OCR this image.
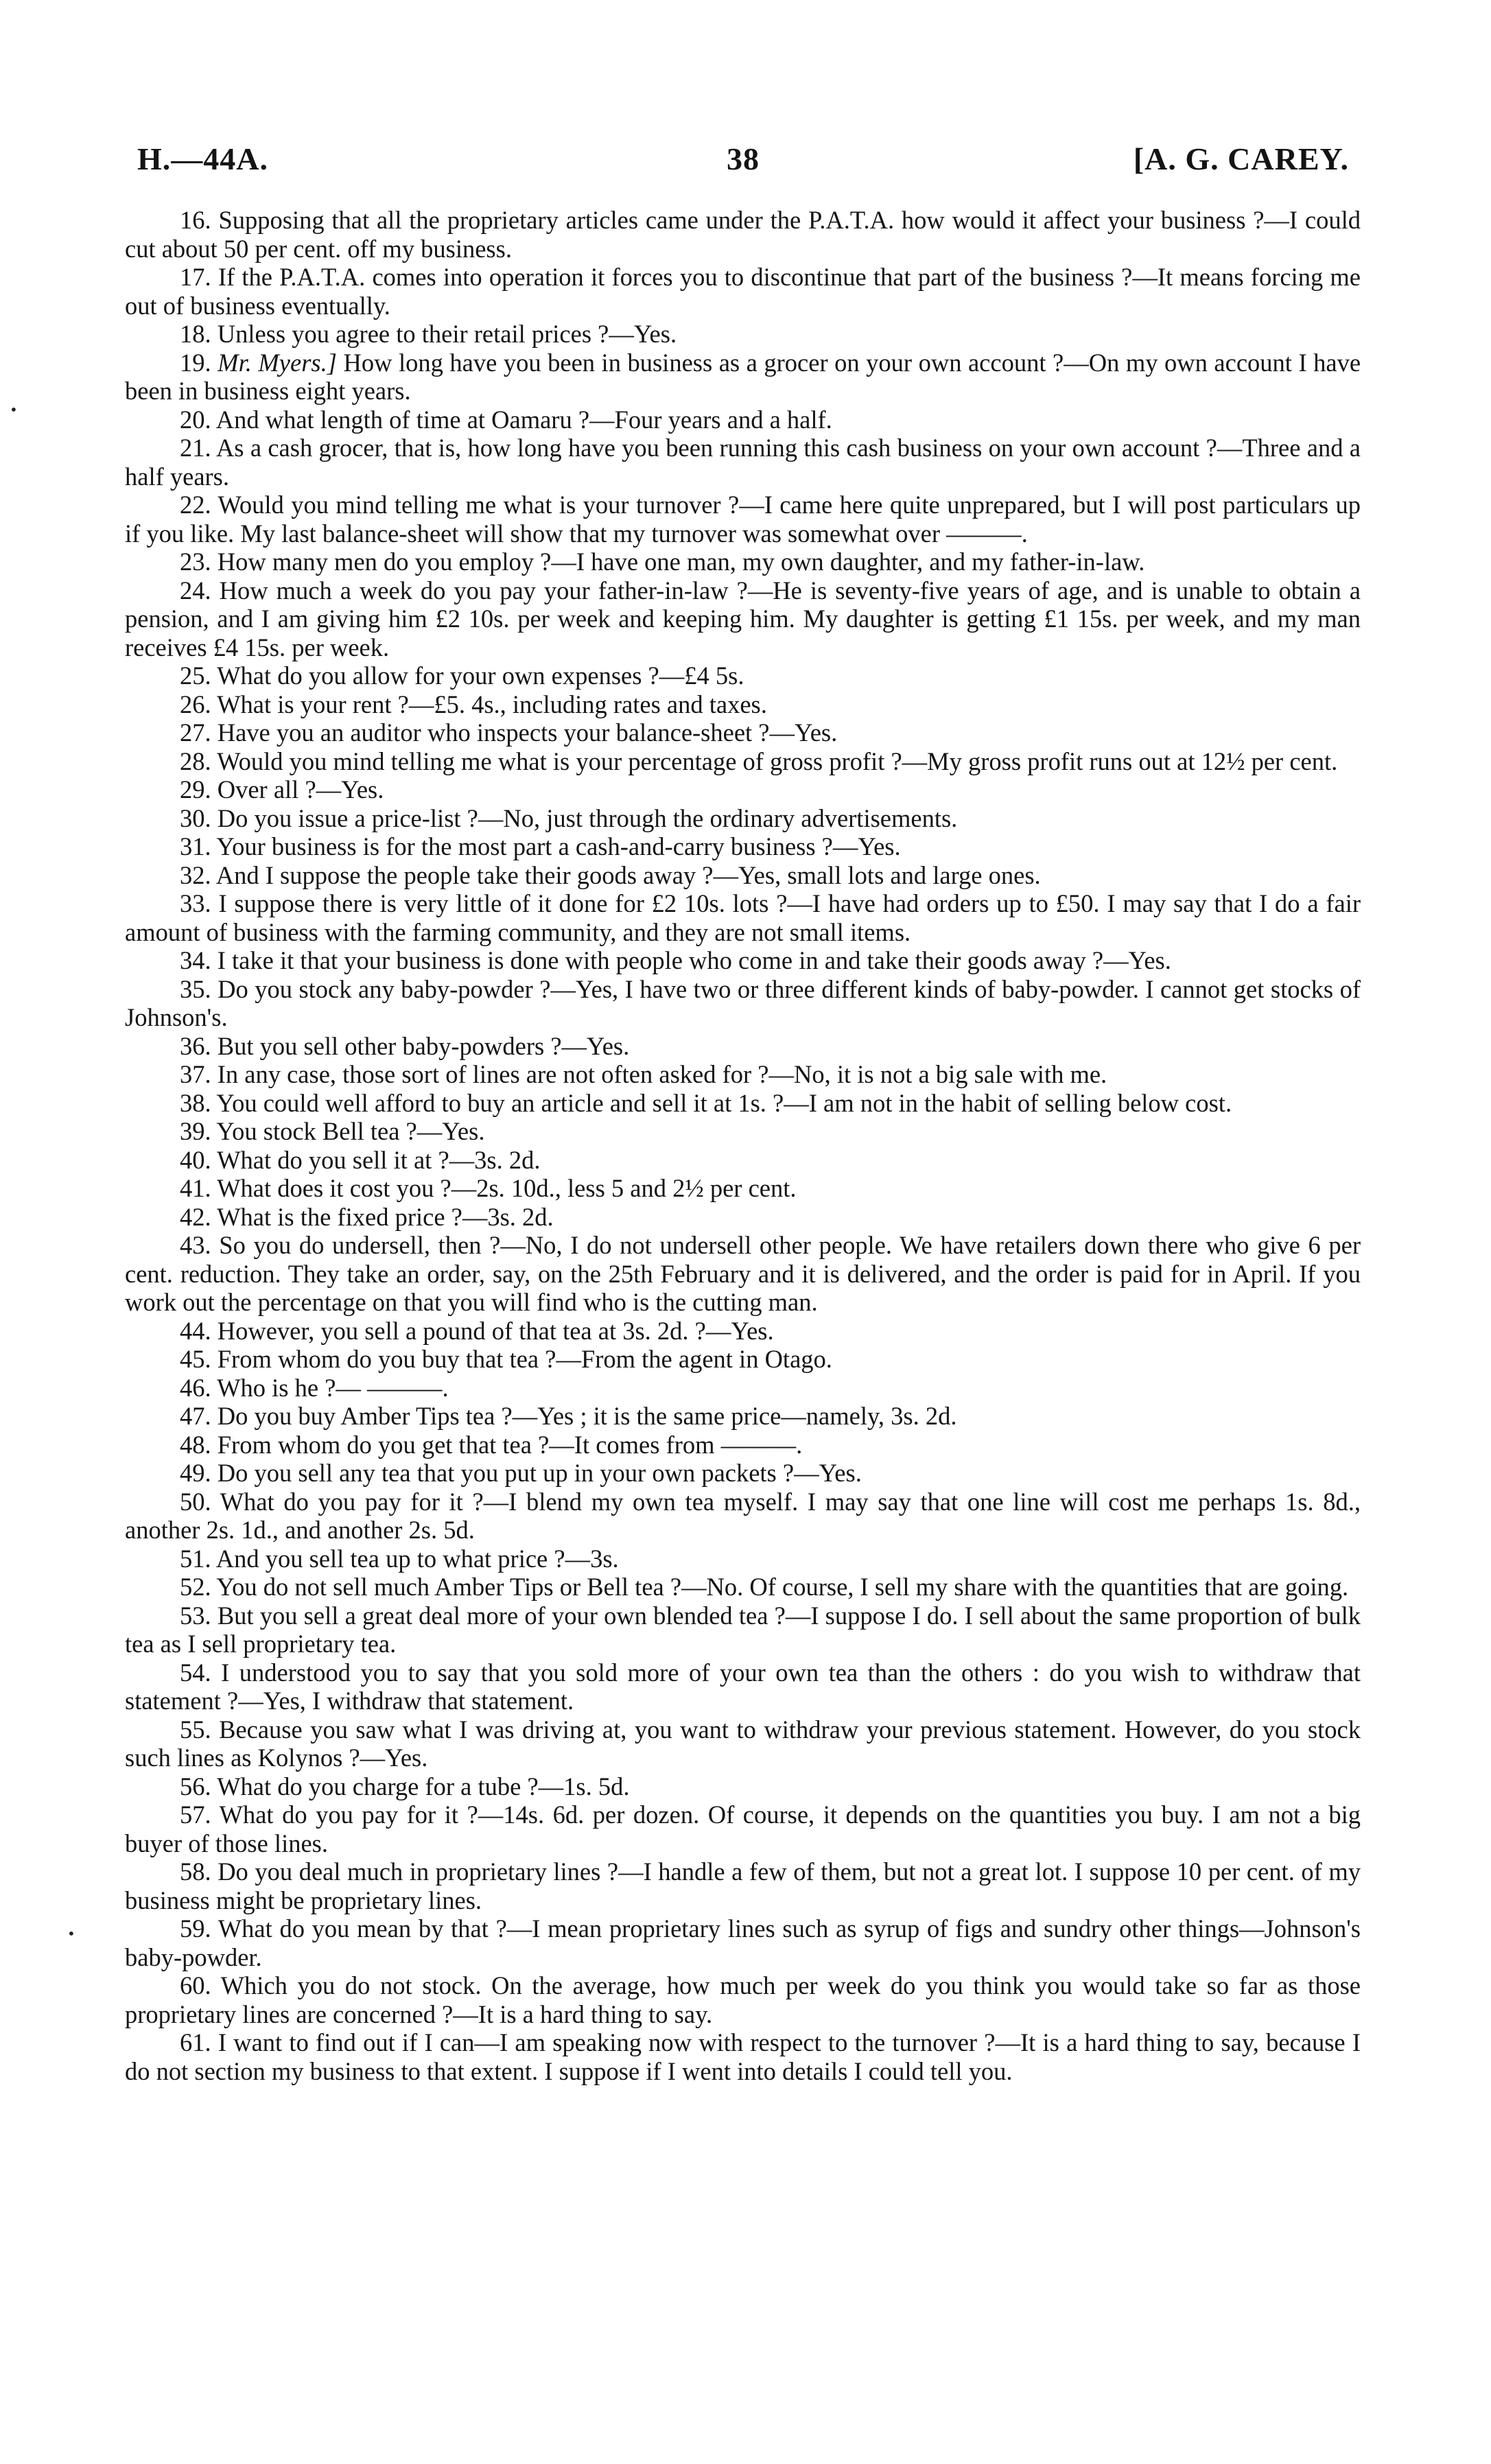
H.—44A.	38	[A. G. CAREY.

16. Supposing that all the proprietary articles came under the P.A.T.A. how would it affect your business ?—I could cut about 50 per cent. off my business.

17. If the P.A.T.A. comes into operation it forces you to discontinue that part of the business ?—It means forcing me out of business eventually.

18. Unless you agree to their retail prices ?—Yes.

19. Mr. Myers.] How long have you been in business as a grocer on your own account ?—On my own account I have been in business eight years.

20. And what length of time at Oamaru ?—Four years and a half.

21. As a cash grocer, that is, how long have you been running this cash business on your own account ?—Three and a half years.

22. Would you mind telling me what is your turnover ?—I came here quite unprepared, but I will post particulars up if you like. My last balance-sheet will show that my turnover was somewhat over ———.

23. How many men do you employ ?—I have one man, my own daughter, and my father-in-law.

24. How much a week do you pay your father-in-law ?—He is seventy-five years of age, and is unable to obtain a pension, and I am giving him £2 10s. per week and keeping him. My daughter is getting £1 15s. per week, and my man receives £4 15s. per week.

25. What do you allow for your own expenses ?—£4 5s.

26. What is your rent ?—£5. 4s., including rates and taxes.

27. Have you an auditor who inspects your balance-sheet ?—Yes.

28. Would you mind telling me what is your percentage of gross profit ?—My gross profit runs out at 12½ per cent.

29. Over all ?—Yes.

30. Do you issue a price-list ?—No, just through the ordinary advertisements.

31. Your business is for the most part a cash-and-carry business ?—Yes.

32. And I suppose the people take their goods away ?—Yes, small lots and large ones.

33. I suppose there is very little of it done for £2 10s. lots ?—I have had orders up to £50. I may say that I do a fair amount of business with the farming community, and they are not small items.

34. I take it that your business is done with people who come in and take their goods away ?—Yes.

35. Do you stock any baby-powder ?—Yes, I have two or three different kinds of baby-powder. I cannot get stocks of Johnson's.

36. But you sell other baby-powders ?—Yes.

37. In any case, those sort of lines are not often asked for ?—No, it is not a big sale with me.

38. You could well afford to buy an article and sell it at 1s. ?—I am not in the habit of selling below cost.

39. You stock Bell tea ?—Yes.

40. What do you sell it at ?—3s. 2d.

41. What does it cost you ?—2s. 10d., less 5 and 2½ per cent.

42. What is the fixed price ?—3s. 2d.

43. So you do undersell, then ?—No, I do not undersell other people. We have retailers down there who give 6 per cent. reduction. They take an order, say, on the 25th February and it is delivered, and the order is paid for in April. If you work out the percentage on that you will find who is the cutting man.

44. However, you sell a pound of that tea at 3s. 2d. ?—Yes.

45. From whom do you buy that tea ?—From the agent in Otago.

46. Who is he ?— ———.

47. Do you buy Amber Tips tea ?—Yes ; it is the same price—namely, 3s. 2d.

48. From whom do you get that tea ?—It comes from ———.

49. Do you sell any tea that you put up in your own packets ?—Yes.

50. What do you pay for it ?—I blend my own tea myself. I may say that one line will cost me perhaps 1s. 8d., another 2s. 1d., and another 2s. 5d.

51. And you sell tea up to what price ?—3s.

52. You do not sell much Amber Tips or Bell tea ?—No. Of course, I sell my share with the quantities that are going.

53. But you sell a great deal more of your own blended tea ?—I suppose I do. I sell about the same proportion of bulk tea as I sell proprietary tea.

54. I understood you to say that you sold more of your own tea than the others : do you wish to withdraw that statement ?—Yes, I withdraw that statement.

55. Because you saw what I was driving at, you want to withdraw your previous statement. However, do you stock such lines as Kolynos ?—Yes.

56. What do you charge for a tube ?—1s. 5d.

57. What do you pay for it ?—14s. 6d. per dozen. Of course, it depends on the quantities you buy. I am not a big buyer of those lines.

58. Do you deal much in proprietary lines ?—I handle a few of them, but not a great lot. I suppose 10 per cent. of my business might be proprietary lines.

59. What do you mean by that ?—I mean proprietary lines such as syrup of figs and sundry other things—Johnson's baby-powder.

60. Which you do not stock. On the average, how much per week do you think you would take so far as those proprietary lines are concerned ?—It is a hard thing to say.

61. I want to find out if I can—I am speaking now with respect to the turnover ?—It is a hard thing to say, because I do not section my business to that extent. I suppose if I went into details I could tell you.

•
•
